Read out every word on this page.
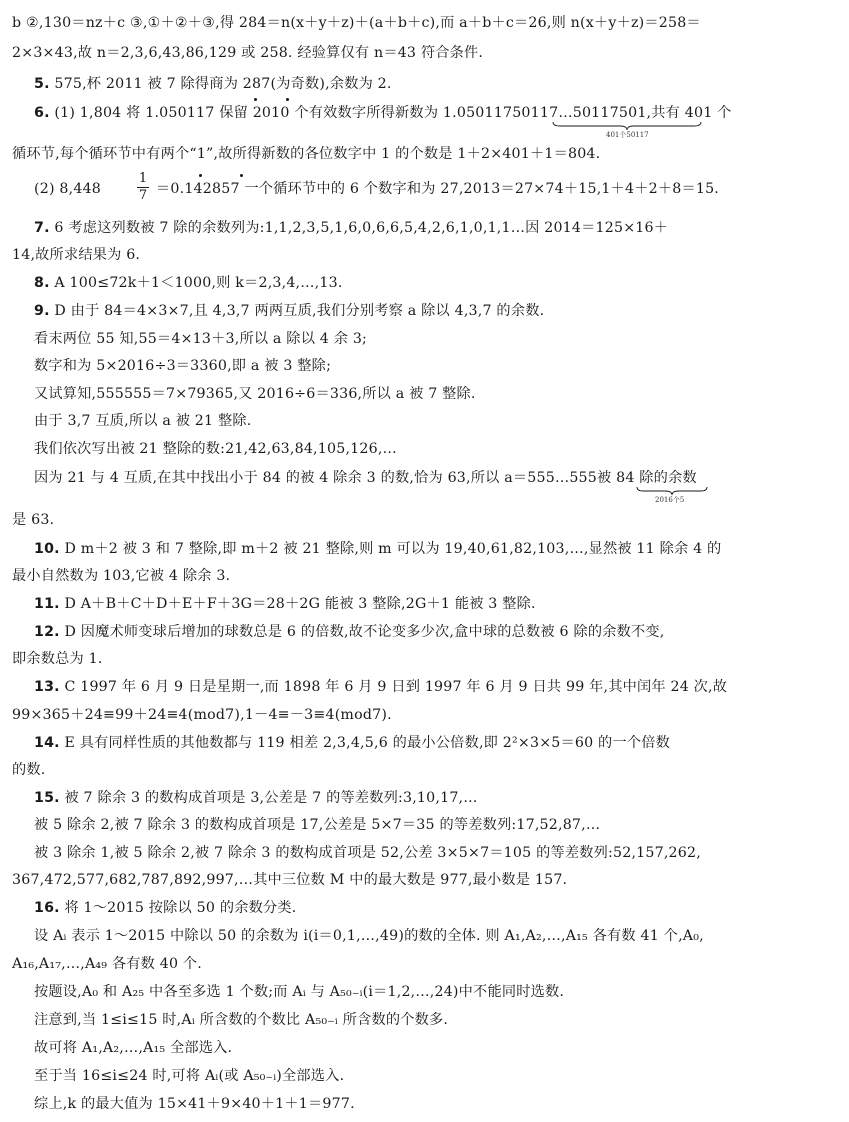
b ②,130＝nz＋c ③,①＋②＋③,得 284＝n(x＋y＋z)＋(a＋b＋c),而 a＋b＋c＝26,则 n(x＋y＋z)＝258＝
2×3×43,故 n＝2,3,6,43,86,129 或 258. 经验算仅有 n＝43 符合条件.
5. 575,杯 2011 被 7 除得商为 287(为奇数),余数为 2.
6. (1) 1,804 将 1.050117 保留 2010 个有效数字所得新数为 1.05011750117…50117501,共有 401 个
401个50117
循环节,每个循环节中有两个“1”,故所得新数的各位数字中 1 的个数是 1＋2×401＋1＝804.
(2) 8,448
1
7 ＝0.142857 一个循环节中的 6 个数字和为 27,2013＝27×74＋15,1＋4＋2＋8＝15.
7. 6 考虑这列数被 7 除的余数列为:1,1,2,3,5,1,6,0,6,6,5,4,2,6,1,0,1,1…因 2014＝125×16＋
14,故所求结果为 6.
8. A 100≤72k＋1＜1000,则 k＝2,3,4,…,13.
9. D 由于 84＝4×3×7,且 4,3,7 两两互质,我们分别考察 a 除以 4,3,7 的余数.
看末两位 55 知,55＝4×13＋3,所以 a 除以 4 余 3;
数字和为 5×2016÷3＝3360,即 a 被 3 整除;
又试算知,555555＝7×79365,又 2016÷6＝336,所以 a 被 7 整除.
由于 3,7 互质,所以 a 被 21 整除.
我们依次写出被 21 整除的数:21,42,63,84,105,126,…
因为 21 与 4 互质,在其中找出小于 84 的被 4 除余 3 的数,恰为 63,所以 a＝555…555被 84 除的余数
2016个5
是 63.
10. D m＋2 被 3 和 7 整除,即 m＋2 被 21 整除,则 m 可以为 19,40,61,82,103,…,显然被 11 除余 4 的
最小自然数为 103,它被 4 除余 3.
11. D A＋B＋C＋D＋E＋F＋3G＝28＋2G 能被 3 整除,2G＋1 能被 3 整除.
12. D 因魔术师变球后增加的球数总是 6 的倍数,故不论变多少次,盒中球的总数被 6 除的余数不变,
即余数总为 1.
13. C 1997 年 6 月 9 日是星期一,而 1898 年 6 月 9 日到 1997 年 6 月 9 日共 99 年,其中闰年 24 次,故
99×365＋24≡99＋24≡4(mod7),1－4≡－3≡4(mod7).
14. E 具有同样性质的其他数都与 119 相差 2,3,4,5,6 的最小公倍数,即 2²×3×5＝60 的一个倍数
的数.
15. 被 7 除余 3 的数构成首项是 3,公差是 7 的等差数列:3,10,17,…
被 5 除余 2,被 7 除余 3 的数构成首项是 17,公差是 5×7＝35 的等差数列:17,52,87,…
被 3 除余 1,被 5 除余 2,被 7 除余 3 的数构成首项是 52,公差 3×5×7＝105 的等差数列:52,157,262,
367,472,577,682,787,892,997,…其中三位数 M 中的最大数是 977,最小数是 157.
16. 将 1～2015 按除以 50 的余数分类.
设 Aᵢ 表示 1～2015 中除以 50 的余数为 i(i＝0,1,…,49)的数的全体. 则 A₁,A₂,…,A₁₅ 各有数 41 个,A₀,
A₁₆,A₁₇,…,A₄₉ 各有数 40 个.
按题设,A₀ 和 A₂₅ 中各至多选 1 个数;而 Aᵢ 与 A₅₀₋ᵢ(i＝1,2,…,24)中不能同时选数.
注意到,当 1≤i≤15 时,Aᵢ 所含数的个数比 A₅₀₋ᵢ 所含数的个数多.
故可将 A₁,A₂,…,A₁₅ 全部选入.
至于当 16≤i≤24 时,可将 Aᵢ(或 A₅₀₋ᵢ)全部选入.
综上,k 的最大值为 15×41＋9×40＋1＋1＝977.
